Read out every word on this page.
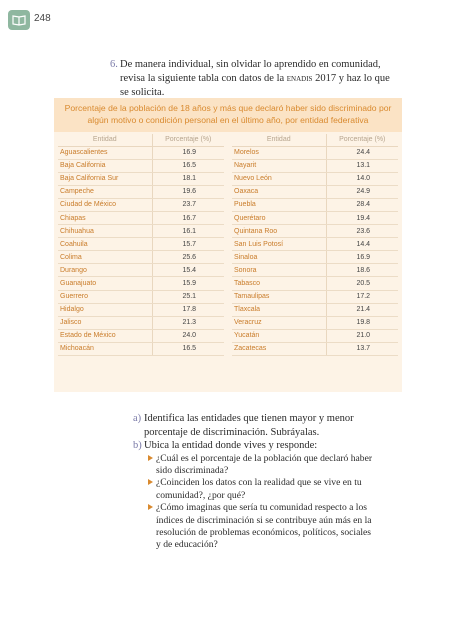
248
6. De manera individual, sin olvidar lo aprendido en comunidad, revisa la siguiente tabla con datos de la enadis 2017 y haz lo que se solicita.
Porcentaje de la población de 18 años y más que declaró haber sido discriminado por algún motivo o condición personal en el último año, por entidad federativa
Entidad	Porcentaje (%)
Aguascalientes	16.9
Baja California	16.5
Baja California Sur	18.1
Campeche	19.6
Ciudad de México	23.7
Chiapas	16.7
Chihuahua	16.1
Coahuila	15.7
Colima	25.6
Durango	15.4
Guanajuato	15.9
Guerrero	25.1
Hidalgo	17.8
Jalisco	21.3
Estado de México	24.0
Michoacán	16.5
Entidad	Porcentaje (%)
Morelos	24.4
Nayarit	13.1
Nuevo León	14.0
Oaxaca	24.9
Puebla	28.4
Querétaro	19.4
Quintana Roo	23.6
San Luis Potosí	14.4
Sinaloa	16.9
Sonora	18.6
Tabasco	20.5
Tamaulipas	17.2
Tlaxcala	21.4
Veracruz	19.8
Yucatán	21.0
Zacatecas	13.7
a) Identifica las entidades que tienen mayor y menor porcentaje de discriminación. Subráyalas.
b) Ubica la entidad donde vives y responde:
¿Cuál es el porcentaje de la población que declaró haber sido discriminada?
¿Coinciden los datos con la realidad que se vive en tu comunidad?, ¿por qué?
¿Cómo imaginas que sería tu comunidad respecto a los índices de discriminación si se contribuye aún más en la resolución de problemas económicos, políticos, sociales y de educación?
